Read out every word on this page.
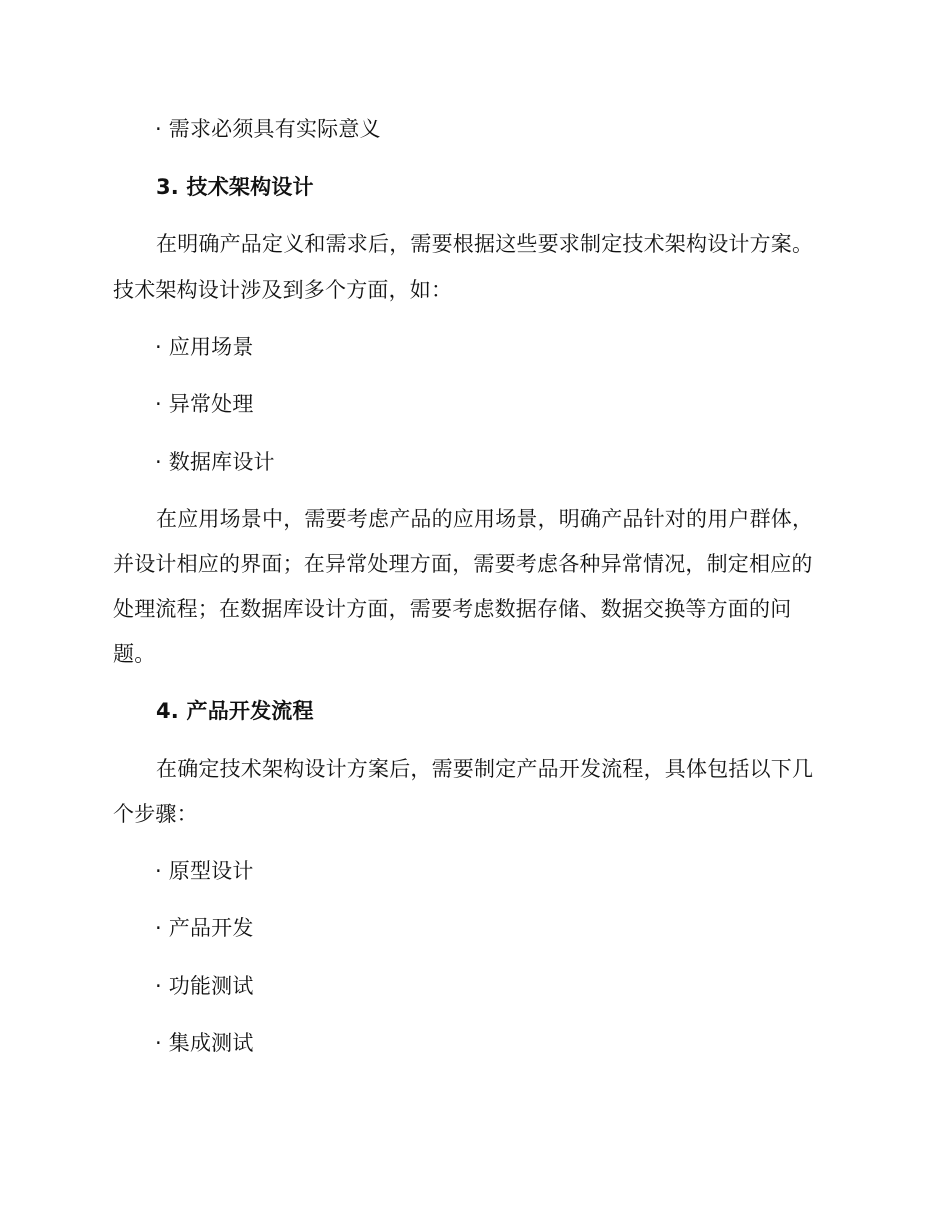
· 需求必须具有实际意义
3. 技术架构设计
在明确产品定义和需求后，需要根据这些要求制定技术架构设计方案。
技术架构设计涉及到多个方面，如：
· 应用场景
· 异常处理
· 数据库设计
在应用场景中，需要考虑产品的应用场景，明确产品针对的用户群体，
并设计相应的界面；在异常处理方面，需要考虑各种异常情况，制定相应的
处理流程；在数据库设计方面，需要考虑数据存储、数据交换等方面的问
题。
4. 产品开发流程
在确定技术架构设计方案后，需要制定产品开发流程，具体包括以下几
个步骤：
· 原型设计
· 产品开发
· 功能测试
· 集成测试
